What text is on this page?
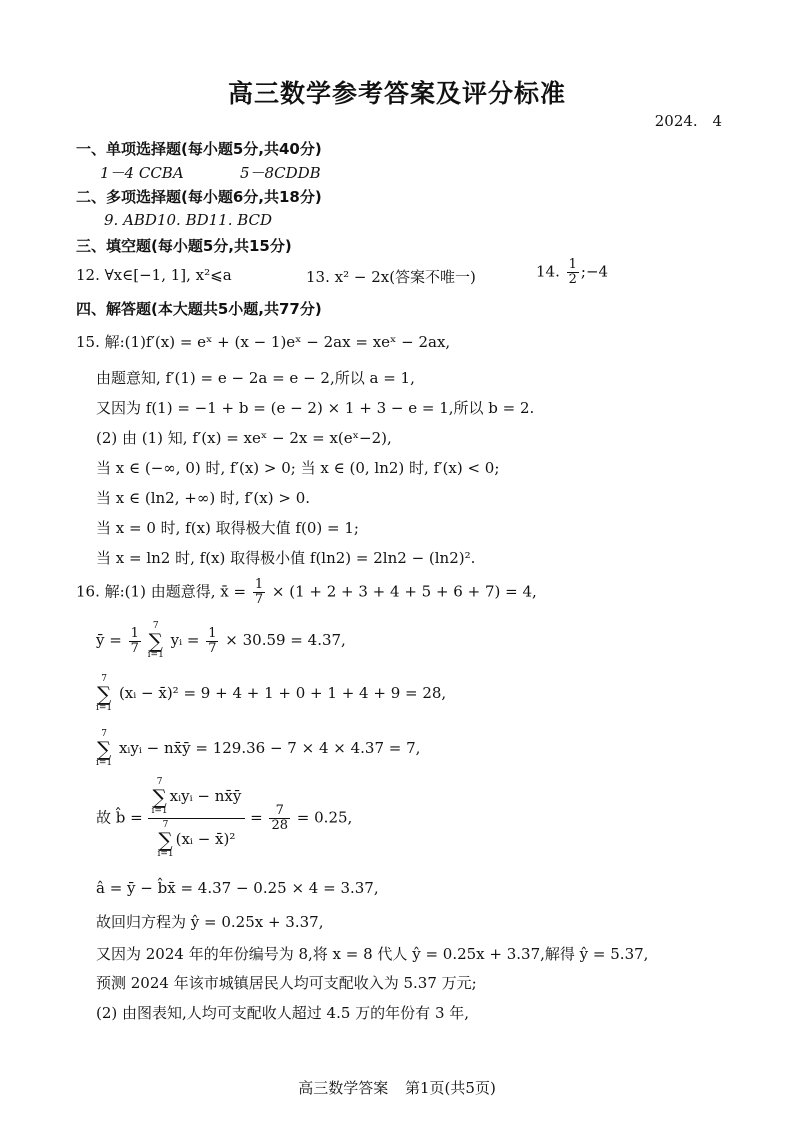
高三数学参考答案及评分标准
2024. 4
一、单项选择题(每小题5分,共40分)
1－4 CCBA	5－8CDDB
二、多项选择题(每小题6分,共18分)
9. ABD10. BD11. BCD
三、填空题(每小题5分,共15分)
12. ∀x∈[−1, 1], x²⩽a	13. x² − 2x(答案不唯一)	14. $\frac{1}{2}$ ;−4
四、解答题(本大题共5小题,共77分)
15. 解:(1)f′(x) = eˣ + (x − 1)eˣ − 2ax = xeˣ − 2ax,
由题意知, f′(1) = e − 2a = e − 2,所以 a = 1,
又因为 f(1) = −1 + b = (e − 2) × 1 + 3 − e = 1,所以 b = 2.
(2) 由 (1) 知, f′(x) = xeˣ − 2x = x(eˣ−2),
当 x ∈ (−∞, 0) 时, f′(x) > 0; 当 x ∈ (0, ln2) 时, f′(x) < 0;
当 x ∈ (ln2, +∞) 时, f′(x) > 0.
当 x = 0 时, f(x) 取得极大值 f(0) = 1;
当 x = ln2 时, f(x) 取得极小值 f(ln2) = 2ln2 − (ln2)².
16. 解:(1) 由题意得, x̄ = $\frac{1}{7} \times (1 + 2 + 3 + 4 + 5 + 6 + 7) = 4$,
ȳ = $\frac{1}{7}$
7
∑
i=1 yᵢ = $\frac{1}{7} \times 30.59 = 4.37$,
7
∑
i=1 (xᵢ − x̄)² = 9 + 4 + 1 + 0 + 1 + 4 + 9 = 28,
7
∑
i=1 xᵢyᵢ − nx̄ȳ = 129.36 − 7 × 4 × 4.37 = 7,
故 b̂ =
7
∑
i=1xᵢyᵢ − nx̄ȳ
7
∑
i=1(xᵢ − x̄)²
= $\frac{7}{28} = 0.25$,
â = ȳ − b̂x̄ = 4.37 − 0.25 × 4 = 3.37,
故回归方程为 ŷ = 0.25x + 3.37,
又因为 2024 年的年份编号为 8,将 x = 8 代人 ŷ = 0.25x + 3.37,解得 ŷ = 5.37,
预测 2024 年该市城镇居民人均可支配收入为 5.37 万元;
(2) 由图表知,人均可支配收人超过 4.5 万的年份有 3 年,
高三数学答案 第1页(共5页)
